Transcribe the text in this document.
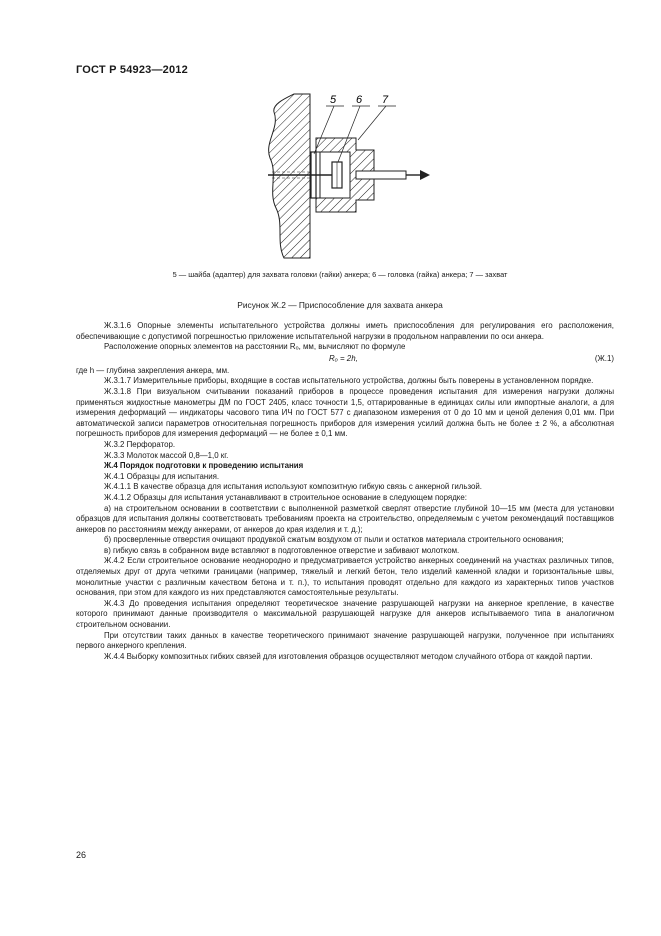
ГОСТ Р 54923—2012
5 6 7
5 — шайба (адаптер) для захвата головки (гайки) анкера; 6 — головка (гайка) анкера; 7 — захват
Рисунок Ж.2 — Приспособление для захвата анкера

Ж.3.1.6 Опорные элементы испытательного устройства должны иметь приспособления для регулирования его расположения, обеспечивающие с допустимой погрешностью приложение испытательной нагрузки в продольном направлении по оси анкера.

Расположение опорных элементов на расстоянии Rₒ, мм, вычисляют по формуле

Rₒ = 2h,	(Ж.1)

где h — глубина закрепления анкера, мм.

Ж.3.1.7 Измерительные приборы, входящие в состав испытательного устройства, должны быть поверены в установленном порядке.

Ж.3.1.8 При визуальном считывании показаний приборов в процессе проведения испытания для измерения нагрузки должны применяться жидкостные манометры ДМ по ГОСТ 2405, класс точности 1,5, оттарированные в единицах силы или импортные аналоги, а для измерения деформаций — индикаторы часового типа ИЧ по ГОСТ 577 с диапазоном измерения от 0 до 10 мм и ценой деления 0,01 мм. При автоматической записи параметров относительная погрешность приборов для измерения усилий должна быть не более ± 2 %, а абсолютная погрешность приборов для измерения деформаций — не более ± 0,1 мм.

Ж.3.2 Перфоратор.

Ж.3.3 Молоток массой 0,8—1,0 кг.

Ж.4 Порядок подготовки к проведению испытания

Ж.4.1 Образцы для испытания.

Ж.4.1.1 В качестве образца для испытания используют композитную гибкую связь с анкерной гильзой.

Ж.4.1.2 Образцы для испытания устанавливают в строительное основание в следующем порядке:

а) на строительном основании в соответствии с выполненной разметкой сверлят отверстие глубиной 10—15 мм (места для установки образцов для испытания должны соответствовать требованиям проекта на строительство, определяемым с учетом рекомендаций поставщиков анкеров по расстояниям между анкерами, от анкеров до края изделия и т. д.);

б) просверленные отверстия очищают продувкой сжатым воздухом от пыли и остатков материала строительного основания;

в) гибкую связь в собранном виде вставляют в подготовленное отверстие и забивают молотком.

Ж.4.2 Если строительное основание неоднородно и предусматривается устройство анкерных соединений на участках различных типов, отделяемых друг от друга четкими границами (например, тяжелый и легкий бетон, тело изделий каменной кладки и горизонтальные швы, монолитные участки с различным качеством бетона и т. п.), то испытания проводят отдельно для каждого из характерных типов участков основания, при этом для каждого из них представляются самостоятельные результаты.

Ж.4.3 До проведения испытания определяют теоретическое значение разрушающей нагрузки на анкерное крепление, в качестве которого принимают данные производителя о максимальной разрушающей нагрузке для анкеров испытываемого типа в аналогичном строительном основании.

При отсутствии таких данных в качестве теоретического принимают значение разрушающей нагрузки, полученное при испытаниях первого анкерного крепления.

Ж.4.4 Выборку композитных гибких связей для изготовления образцов осуществляют методом случайного отбора от каждой партии.

26
